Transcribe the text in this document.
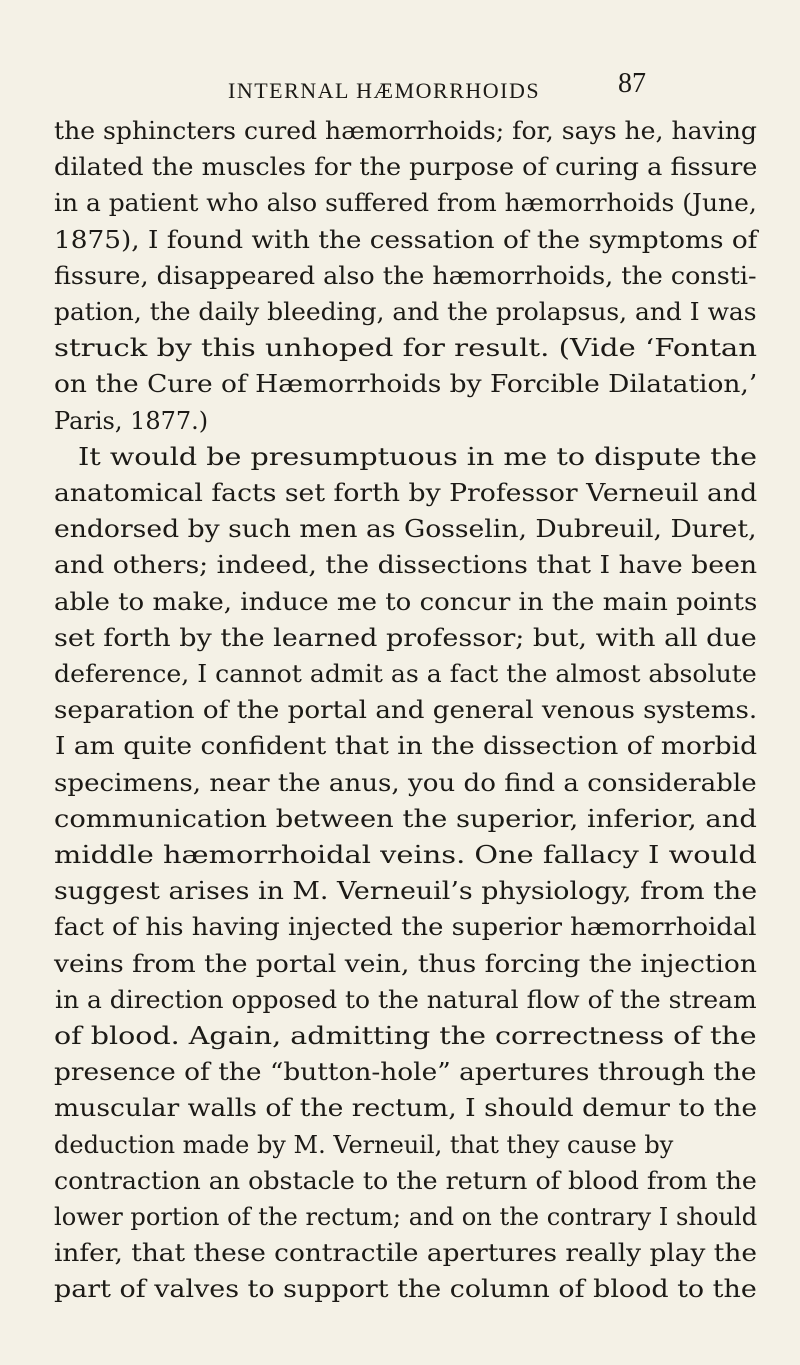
INTERNAL HÆMORRHOIDS	87
the sphincters cured hæmorrhoids; for, says he, having
dilated the muscles for the purpose of curing a fissure
in a patient who also suffered from hæmorrhoids (June,
1875), I found with the cessation of the symptoms of
fissure, disappeared also the hæmorrhoids, the consti-
pation, the daily bleeding, and the prolapsus, and I was
struck by this unhoped for result. (Vide ‘Fontan
on the Cure of Hæmorrhoids by Forcible Dilatation,’
Paris, 1877.)
It would be presumptuous in me to dispute the
anatomical facts set forth by Professor Verneuil and
endorsed by such men as Gosselin, Dubreuil, Duret,
and others; indeed, the dissections that I have been
able to make, induce me to concur in the main points
set forth by the learned professor; but, with all due
deference, I cannot admit as a fact the almost absolute
separation of the portal and general venous systems.
I am quite confident that in the dissection of morbid
specimens, near the anus, you do find a considerable
communication between the superior, inferior, and
middle hæmorrhoidal veins. One fallacy I would
suggest arises in M. Verneuil’s physiology, from the
fact of his having injected the superior hæmorrhoidal
veins from the portal vein, thus forcing the injection
in a direction opposed to the natural flow of the stream
of blood. Again, admitting the correctness of the
presence of the “button-hole” apertures through the
muscular walls of the rectum, I should demur to the
deduction made by M. Verneuil, that they cause by
contraction an obstacle to the return of blood from the
lower portion of the rectum; and on the contrary I should
infer, that these contractile apertures really play the
part of valves to support the column of blood to the
